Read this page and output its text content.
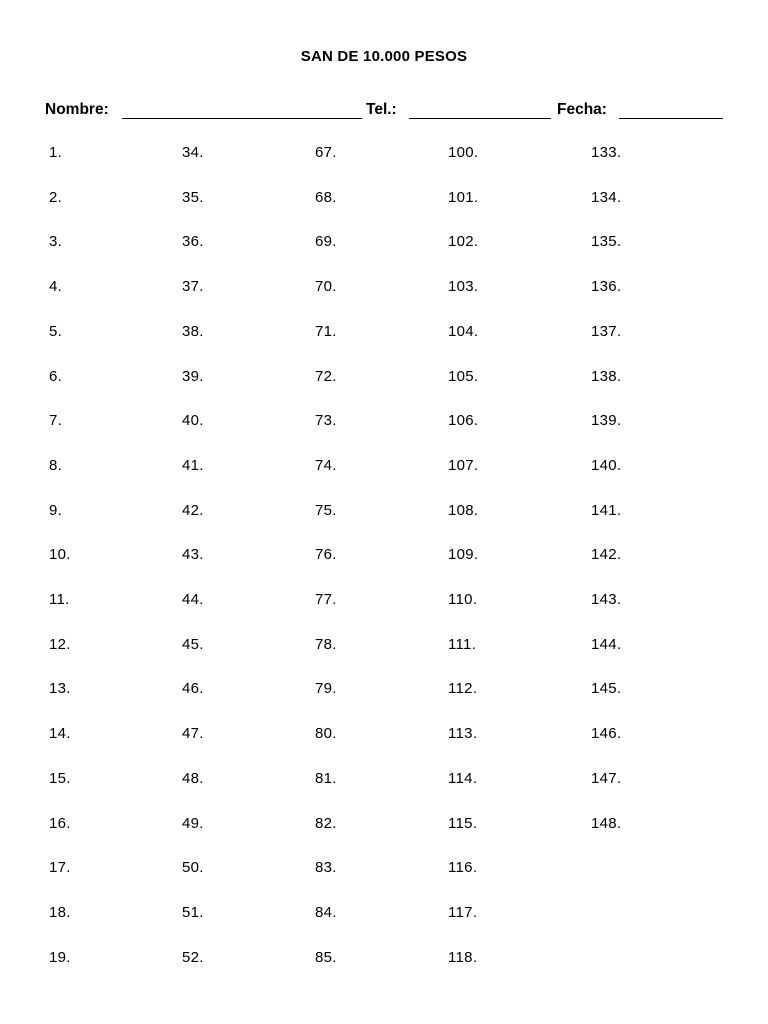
SAN DE 10.000 PESOS
Nombre:	Tel.:	Fecha:
1.
2.
3.
4.
5.
6.
7.
8.
9.
10.
11.
12.
13.
14.
15.
16.
17.
18.
19.
34.
35.
36.
37.
38.
39.
40.
41.
42.
43.
44.
45.
46.
47.
48.
49.
50.
51.
52.
67.
68.
69.
70.
71.
72.
73.
74.
75.
76.
77.
78.
79.
80.
81.
82.
83.
84.
85.
100.
101.
102.
103.
104.
105.
106.
107.
108.
109.
110.
111.
112.
113.
114.
115.
116.
117.
118.
133.
134.
135.
136.
137.
138.
139.
140.
141.
142.
143.
144.
145.
146.
147.
148.
